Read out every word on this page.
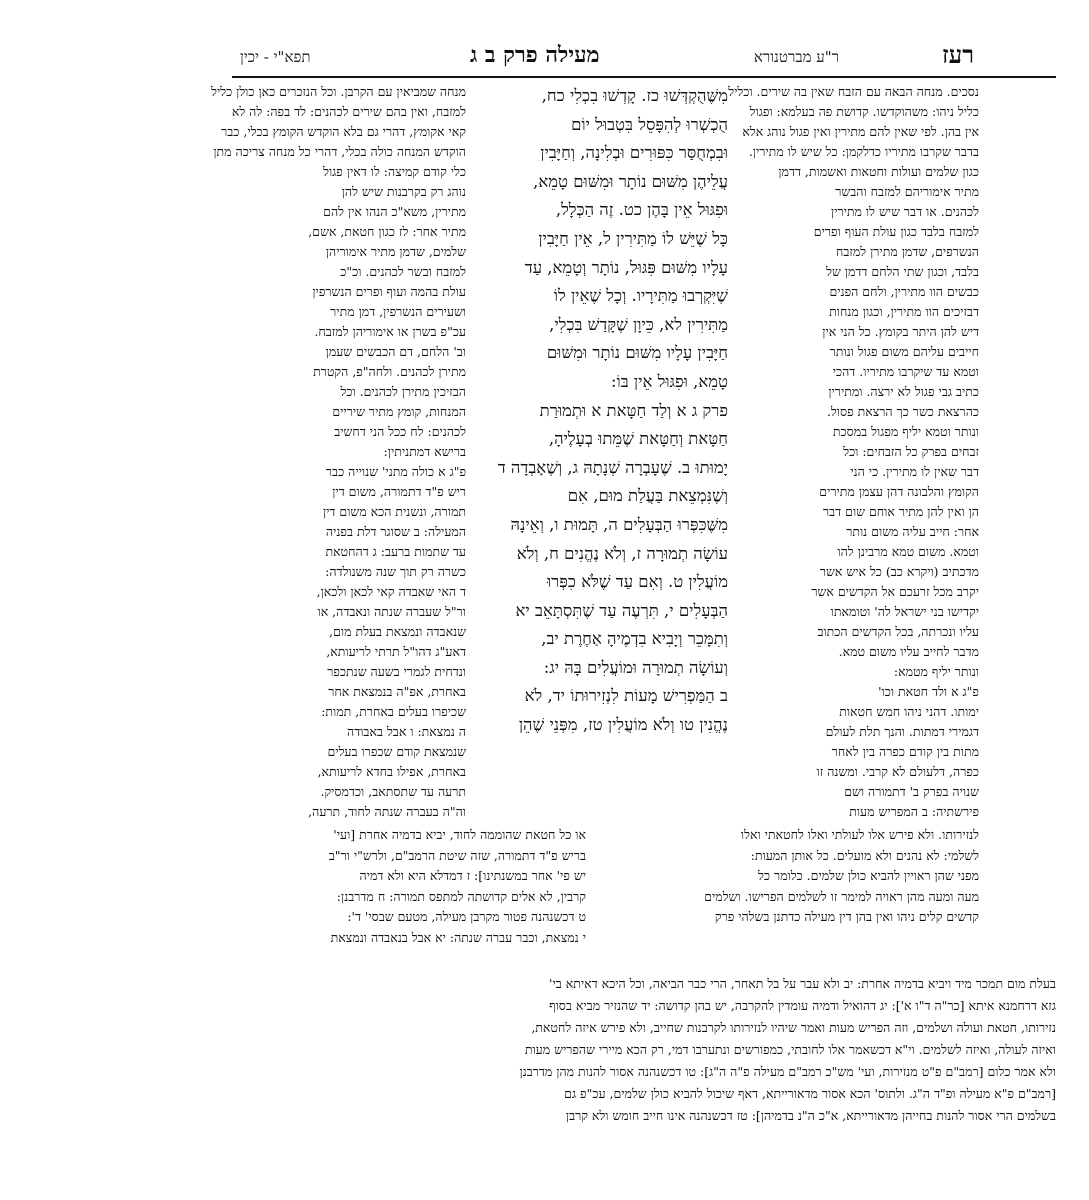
רעז
ר"ע מברטנורא
מעילה פרק ב ג
תפא"י - יכין
נסכים. מנחה הבאה עם הזבח שאין בה שירים. וכליל
כליל ניהו: משהוקדשו. קדושת פה בעלמא: ופגול
אין בהן. לפי שאין להם מתירין ואין פגול נוהג אלא
בדבר שקרבו מתיריו כדלקמן: כל שיש לו מתירין.
כגון שלמים ועולות וחטאות ואשמות, דדמן
מתיר אימוריהם למזבח והבשר
לכהנים. או דבר שיש לו מתירין
למזבח בלבד כגון עולת העוף ופרים
הנשרפים, שדמן מתירן למזבח
בלבד, וכגון שתי הלחם דדמן של
כבשים הוו מתירין, ולחם הפנים
דבזיכים הוו מתירין, וכגון מנחות
דיש להן היתר בקומץ. כל הני אין
חייבים עליהם משום פגול ונותר
וטמא עד שיקרבו מתיריו. דהכי
כתיב גבי פגול לא ירצה. ומתירין
כהרצאת כשר כך הרצאת פסול.
ונותר וטמא יליף מפגול במסכת
זבחים בפרק כל הזבחים: וכל
דבר שאין לו מתירין. כי הני
הקומץ והלבונה דהן עצמן מתירים
הן ואין להן מתיר אוחם שום דבר
אחר: חייב עליה משום נותר
וטמא. משום טמא מרבינן להו
מדכתיב (ויקרא כב) כל איש אשר
יקרב מכל זרעכם אל הקדשים אשר
יקדישו בני ישראל לה' וטומאתו
עליו ונכרתה, בכל הקדשים הכתוב
מדבר לחייב עליו משום טמא.
ונותר יליף מטמא:
פ"ג א ולד חטאת וכו'
ימותו. דהני ניהו חמש חטאות
דגמירי דמתות. והנך תלת לעולם
מתות בין קודם כפרה בין לאחר
כפרה, דלעולם לא קרבי. ומשנה זו
שנויה בפרק ב' דתמורה ושם
פירשתיה: ב המפריש מעות
מִשֶּׁהֻקְדְּשׁוּ כז. קָדְשׁוּ בִכְלִי כח,
הֻכְשְׁרוּ לְהִפָּסֵל בִּטְבוּל יוֹם
וּבִמְחֻסַּר כִּפּוּרִים וּבְלִינָה, וְחַיָּבִין
עֲלֵיהֶן מִשּׁוּם נוֹתָר וּמִשּׁוּם טָמֵא,
וּפִגּוּל אֵין בָּהֶן כט. זֶה הַכְּלָל,
כָּל שֶׁיֵּשׁ לוֹ מַתִּירִין ל, אֵין חַיָּבִין
עָלָיו מִשּׁוּם פִּגּוּל, נוֹתָר וְטָמֵא, עַד
שֶׁיִּקְרְבוּ מַתִּירָיו. וְכָל שֶׁאֵין לוֹ
מַתִּירִין לא, כֵּיוָן שֶׁקָּדַשׁ בִּכְלִי,
חַיָּבִין עָלָיו מִשּׁוּם נוֹתָר וּמִשּׁוּם
טָמֵא, וּפִגּוּל אֵין בּוֹ:
פרק ג א וְלַד חַטָּאת א וּתְמוּרַת
חַטָּאת וְחַטָּאת שֶׁמֵּתוּ בְעָלֶיהָ,
יָמוּתוּ ב. שֶׁעָבְרָה שְׁנָתָהּ ג, וְשֶׁאָבְדָה ד
וְשֶׁנִּמְצֵאת בַּעֲלַת מוּם, אִם
מִשֶּׁכִּפְּרוּ הַבְּעָלִים ה, תָּמוּת ו, וְאֵינָהּ
עוֹשָׂה תְמוּרָה ז, וְלֹא נֶהֱנִים ח, וְלֹא
מוֹעֲלִין ט. וְאִם עַד שֶׁלֹּא כִפְּרוּ
הַבְּעָלִים י, תִּרְעֶה עַד שֶׁתִּסְתָּאֵב יא
וְתִמָּכֵר וְיָבִיא בִדְמֶיהָ אַחֶרֶת יב,
וְעוֹשָׂה תְמוּרָה וּמוֹעֲלִים בָּהּ יג:
ב הַמַּפְרִישׁ מָעוֹת לִנְזִירוּתוֹ יד, לֹא
נֶהֱנִין טו וְלֹא מוֹעֲלִין טז, מִפְּנֵי שֶׁהֵן
מנחה שמביאין עם הקרבן. וכל הנזכרים כאן כולן כליל
למזבח, ואין בהם שירים לכהנים: לד בפה: לה לא
קאי אקומץ, דהרי גם בלא הוקדש הקומץ בכלי, כבר
הוקדש המנחה כולה בכלי, דהרי כל מנחה צריכה מתן
כלי קודם קמיצה: לו דאין פגול
נוהג רק בקרבנות שיש להן
מתירין, משא"כ הנהו אין להם
מתיר אחר: לז כגון חטאת, אשם,
שלמים, שדמן מתיר אימוריהן
למזבח ובשר לכהנים. וכ"כ
עולת בהמה ועוף ופרים הנשרפין
ושעירים הנשרפין, דמן מתיר
עכ"פ בשרן או אימוריהן למזבח.
וב' הלחם, דם הכבשים שעמן
מתירן לכהנים. ולחה"פ, הקטרת
הבזיכין מתירן לכהנים. וכל
המנחות, קומץ מתיר שיריים
לכהנים: לח ככל הני דחשיב
ברישא דמתניתין:
פ"ג א כולה מתני' שנוייה כבר
ריש פ"ד דתמורה, משום דין
תמורה, ונשנית הכא משום דין
המעילה: ב שסוגר דלת בפניה
עד שתמות ברעב: ג דהחטאת
כשרה רק תוך שנה משנולדה:
ד האי שאבדה קאי לכאן ולכאן,
ור"ל שעברה שנתה ונאבדה, או
שנאבדה ונמצאת בעלת מום,
דאע"ג דהו"ל תרתי לריעותא,
ונדחית לגמרי בשעה שנתכפר
באחרת, אפ"ה בנמצאת אחר
שכיפרו בעלים באחרת, תמות:
ה נמצאת: ו אבל באבודה
שנמצאת קודם שכפרו בעלים
באחרת, אפילו בחדא לריעותא,
תרעה עד שתסתאב, וכדמסיק.
וה"ה בעברה שנתה לחוד, תרעה,
לנזירותו. ולא פירש אלו לעולתי ואלו לחטאתי ואלו
לשלמי: לא נהנים ולא מועלים. כל אותן המעות:
מפני שהן ראויין להביא כולן שלמים. כלומר כל
מעה ומעה מהן ראויה למימר זו לשלמים הפרישו. ושלמים
קדשים קלים ניהו ואין בהן דין מעילה כדתנן בשלהי פרק
או כל חטאת שהוממה לחוד, יביא בדמיה אחרת [ועי'
בריש פ"ד דתמורה, שזה שיטת הרמב"ם, ולרש"י ור"ב
יש פי' אחר במשנתינו]: ז דמדלא היא ולא דמיה
קרבין, לא אלים קדושתה למתפס תמורה: ח מדרבנן:
ט דכשנהנה פטור מקרבן מעילה, מטעם שבסי' ד':
י נמצאת, וכבר עברה שנתה: יא אבל בנאבדה ונמצאת
בעלת מום תמכר מיד ויביא בדמיה אחרת: יב ולא עבר על בל תאחר, הרי כבר הביאה, וכל היכא דאיתא בי'
גזא דרחמנא איתא [כר"ה ד"ו א']: יג דהואיל ודמיה עומדין להקרבה, יש בהן קדושה: יד שהנזיר מביא בסוף
נזירותו, חטאת ועולה ושלמים, וזה הפריש מעות ואמר שיהיו לנזירותו לקרבנות שחייב, ולא פירש איזה לחטאת,
ואיזה לעולה, ואיזה לשלמים. וי"א דכשאמר אלו לחובתי, כמפורשים ונתערבו דמי, רק הכא מיירי שהפריש מעות
ולא אמר כלום [רמב"ם פ"ט מנזירות, ועי' מש"כ רמב"ם מעילה פ"ה ה"ג]: טו דכשנהנה אסור להנות מהן מדרבנן
[רמב"ם פ"א מעילה ופ"ד ה"ג. ולתוס' הכא אסור מדאורייתא, דאף שיכול להביא כולן שלמים, עכ"פ גם
בשלמים הרי אסור להנות בחייהן מדאורייתא, א"כ ה"נ בדמיהן]: טז דכשנהנה אינו חייב חומש ולא קרבן
